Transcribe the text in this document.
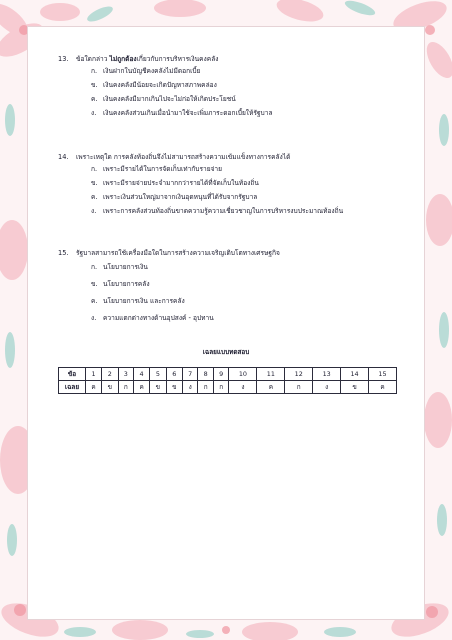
13.	ข้อใดกล่าว ไม่ถูกต้องเกี่ยวกับการบริหารเงินคงคลัง
ก. เงินฝากในบัญชีคงคลังไม่มีดอกเบี้ย
ข. เงินคงคลังมีน้อยจะเกิดปัญหาสภาพคล่อง
ค. เงินคงคลังมีมากเกินไปจะไม่ก่อให้เกิดประโยชน์
ง. เงินคงคลังส่วนเกินเมื่อนำมาใช้จะเพิ่มภาระดอกเบี้ยให้รัฐบาล
14.	เพราะเหตุใด การคลังท้องถิ่นจึงไม่สามารถสร้างความเข้มแข็งทางการคลังได้
ก. เพราะมีรายได้ในการจัดเก็บเท่ากับรายจ่าย
ข. เพราะมีรายจ่ายประจำมากกว่ารายได้ที่จัดเก็บในท้องถิ่น
ค. เพราะเงินส่วนใหญ่มาจากเงินอุดหนุนที่ได้รับจากรัฐบาล
ง. เพราะการคลังส่วนท้องถิ่นขาดความรู้ความเชี่ยวชาญในการบริหารงบประมาณท้องถิ่น
15.	รัฐบาลสามารถใช้เครื่องมือใดในการสร้างความเจริญเติบโตทางเศรษฐกิจ
ก. นโยบายการเงิน
ข. นโยบายการคลัง
ค. นโยบายการเงิน และการคลัง
ง. ความแตกต่างทางด้านอุปสงค์ - อุปทาน
เฉลยแบบทดสอบ
ข้อ	1	2	3	4	5	6	7	8	9	10	11	12	13	14	15
เฉลย	ค	ข	ก	ค	ข	ข	ง	ก	ก	ง	ค	ก	ง	ข	ค
